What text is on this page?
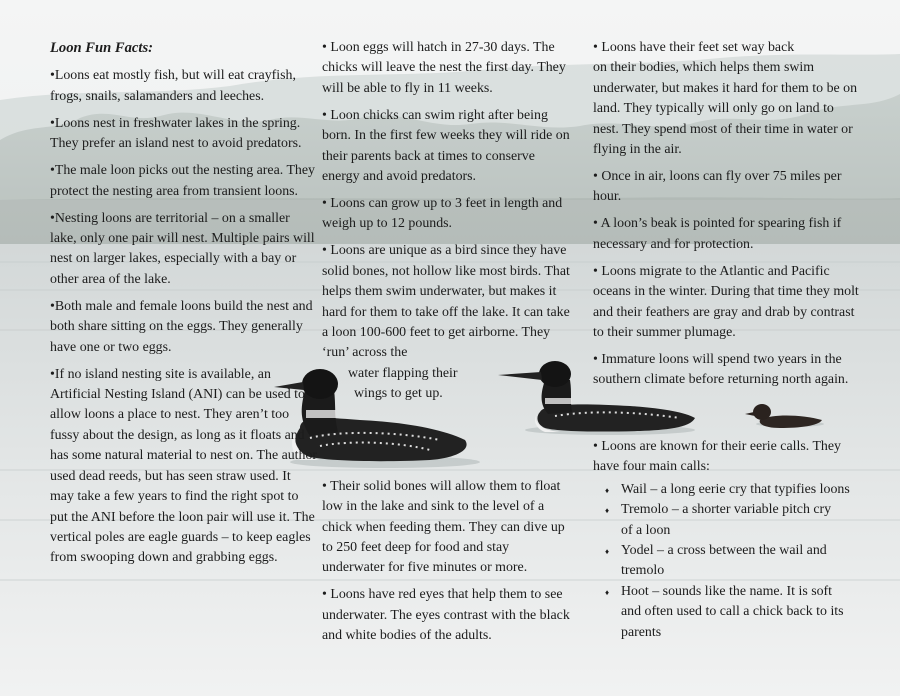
Loon Fun Facts:

•Loons eat mostly fish, but will eat crayfish, frogs, snails, salamanders and leeches.

•Loons nest in freshwater lakes in the spring. They prefer an island nest to avoid predators.

•The male loon picks out the nesting area. They protect the nesting area from transient loons.

•Nesting loons are territorial – on a smaller lake, only one pair will nest. Multiple pairs will nest on larger lakes, especially with a bay or other area of the lake.

•Both male and female loons build the nest and both share sitting on the eggs. They generally have one or two eggs.

•If no island nesting site is available, an Artificial Nesting Island (ANI) can be used to allow loons a place to nest. They aren’t too fussy about the design, as long as it floats and has some natural material to nest on. The author used dead reeds, but has seen straw used. It may take a few years to find the right spot to put the ANI before the loon pair will use it. The vertical poles are eagle guards – to keep eagles from swooping down and grabbing eggs.

• Loon eggs will hatch in 27-30 days. The chicks will leave the nest the first day. They will be able to fly in 11 weeks.

• Loon chicks can swim right after being born. In the first few weeks they will ride on their parents back at times to conserve energy and avoid predators.

• Loons can grow up to 3 feet in length and weigh up to 12 pounds.

• Loons are unique as a bird since they have solid bones, not hollow like most birds. That helps them swim underwater, but makes it hard for them to take off the lake. It can take a loon 100-600 feet to get airborne. They ‘run’ across the
water flapping their
wings to get up.

• Their solid bones will allow them to float low in the lake and sink to the level of a chick when feeding them. They can dive up to 250 feet deep for food and stay underwater for five minutes or more.

• Loons have red eyes that help them to see underwater. The eyes contrast with the black and white bodies of the adults.

• Loons have their feet set way back
on their bodies, which helps them swim underwater, but makes it hard for them to be on land. They typically will only go on land to nest. They spend most of their time in water or flying in the air.

• Once in air, loons can fly over 75 miles per hour.

• A loon’s beak is pointed for spearing fish if necessary and for protection.

• Loons migrate to the Atlantic and Pacific oceans in the winter. During that time they molt and their feathers are gray and drab by contrast to their summer plumage.

• Immature loons will spend two years in the southern climate before returning north again.

• Loons are known for their eerie calls. They have four main calls:

♦ Wail – a long eerie cry that typifies loons
♦ Tremolo – a shorter variable pitch cry
of a loon
♦ Yodel – a cross between the wail and
tremolo
♦ Hoot – sounds like the name. It is soft
and often used to call a chick back to its parents
